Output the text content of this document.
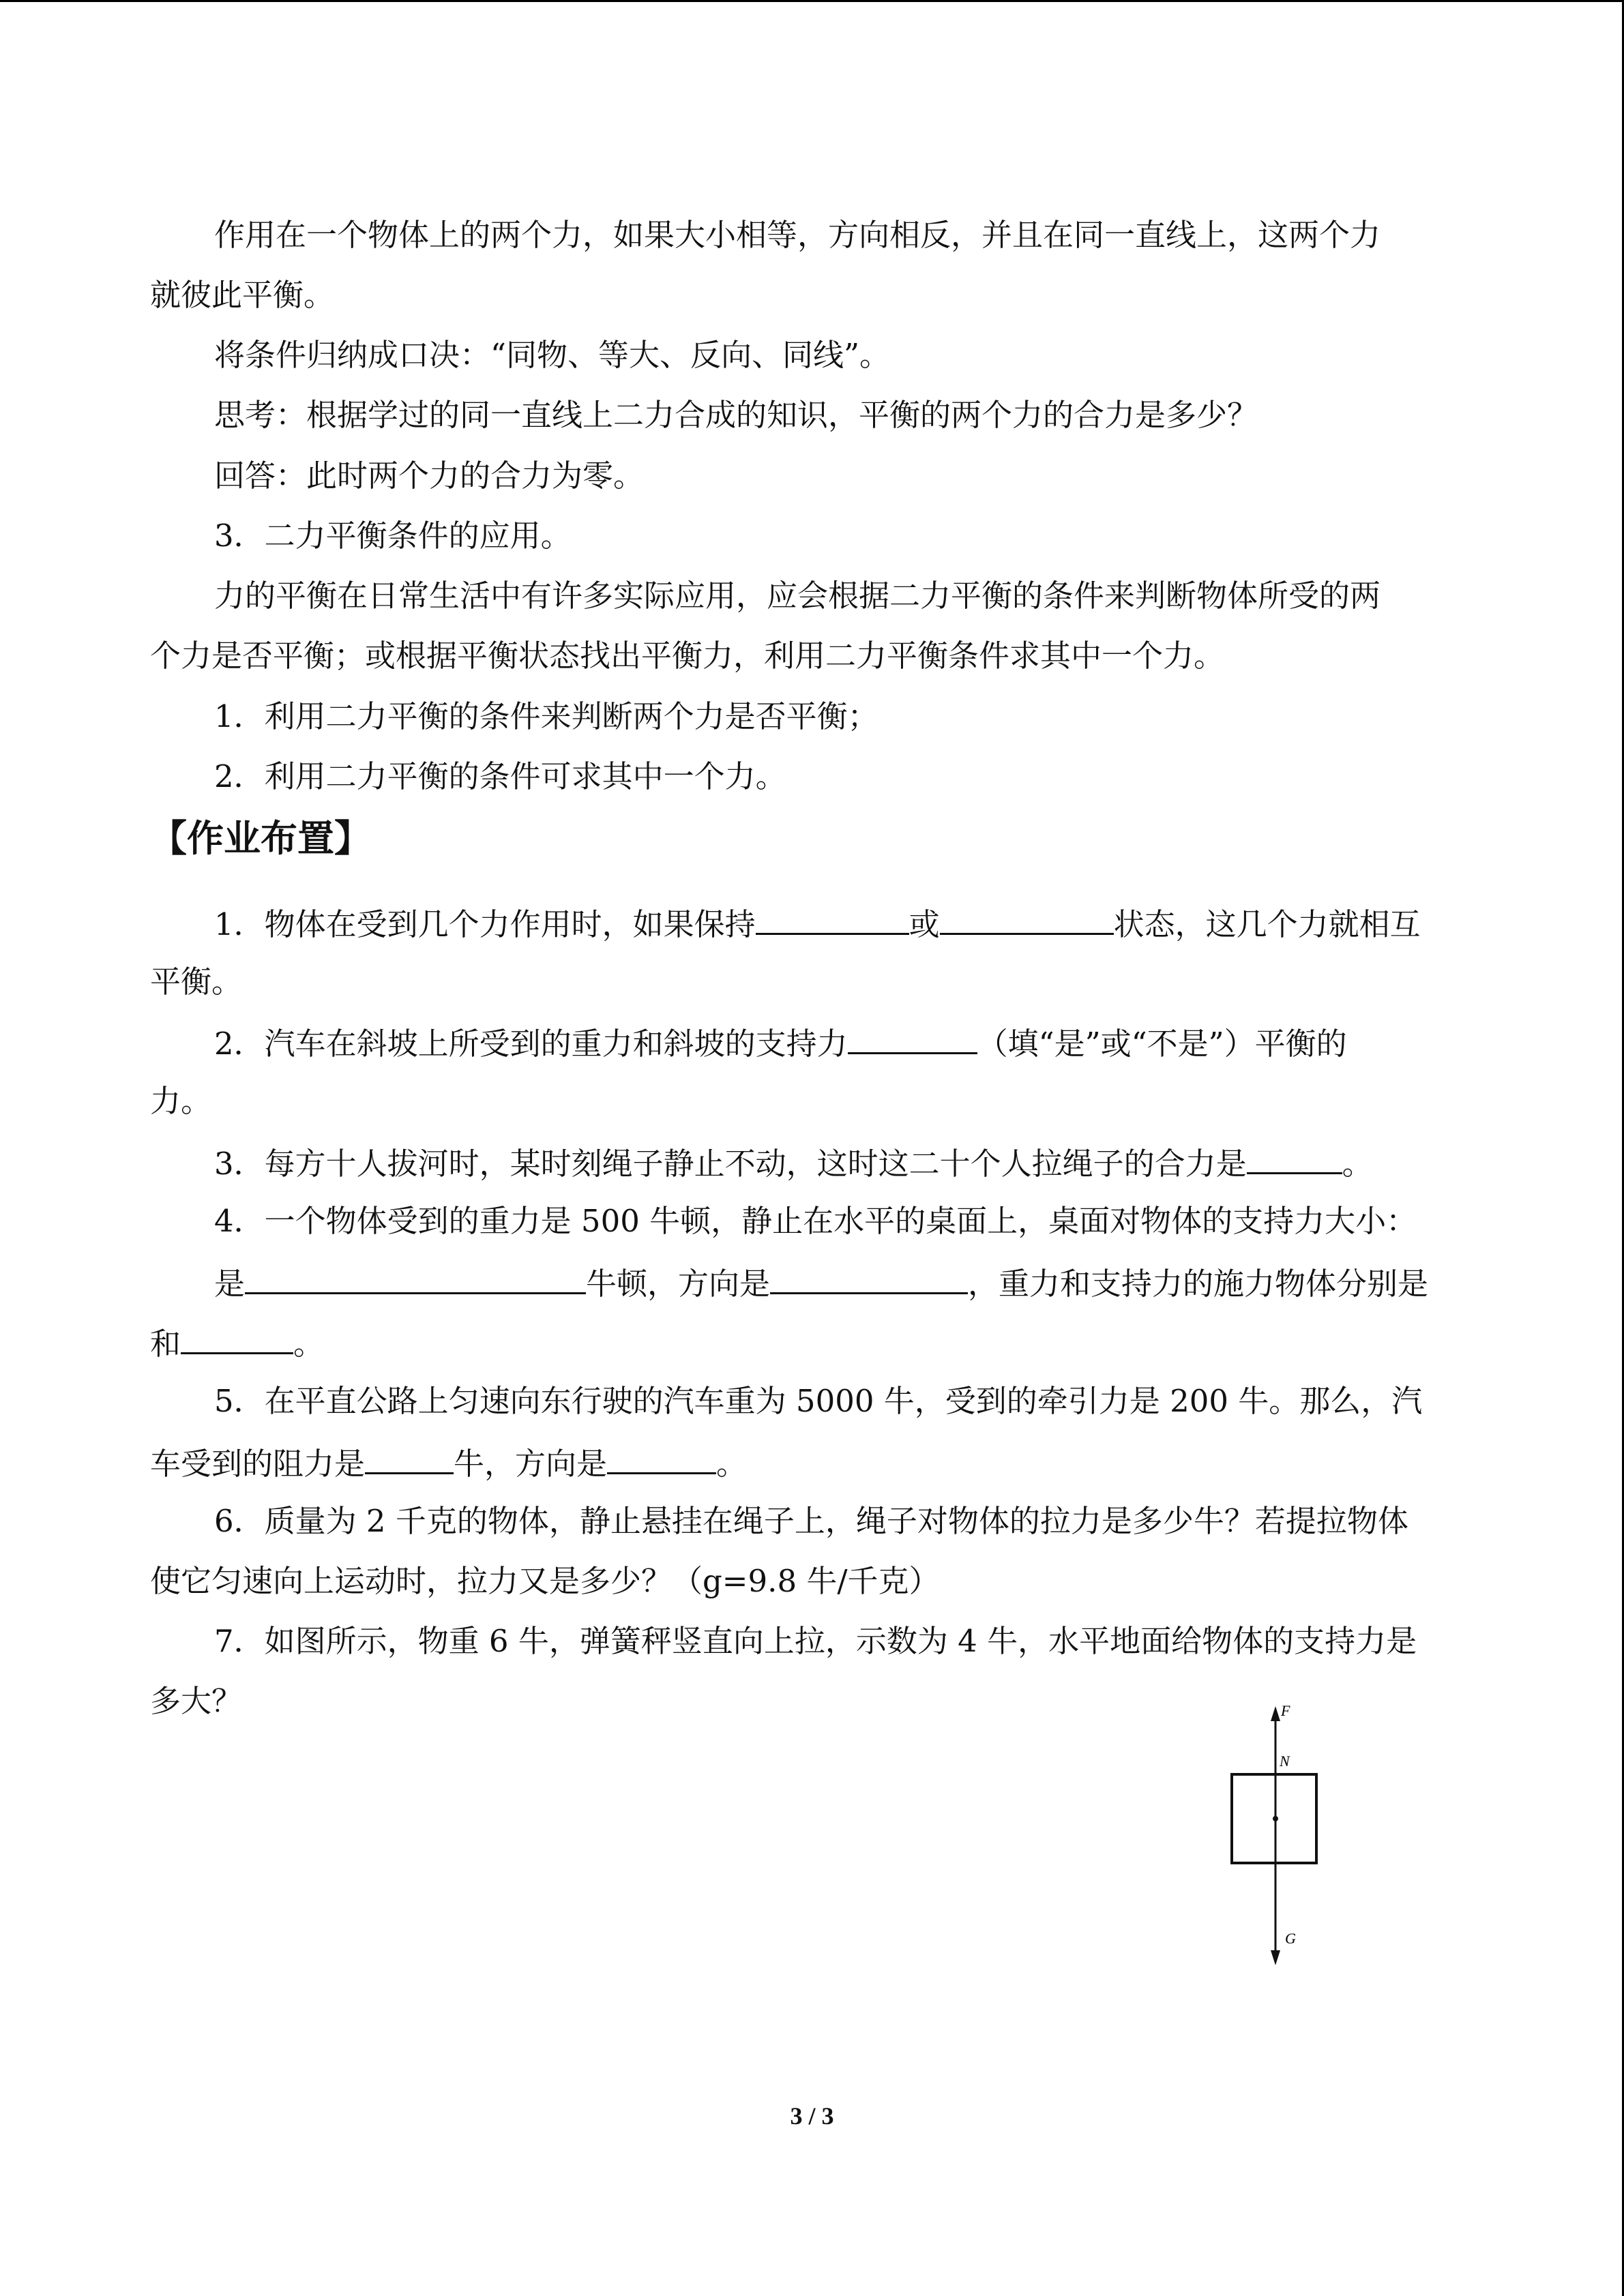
作用在一个物体上的两个力，如果大小相等，方向相反，并且在同一直线上，这两个力
就彼此平衡。
将条件归纳成口决：“同物、等大、反向、同线”。
思考：根据学过的同一直线上二力合成的知识，平衡的两个力的合力是多少？
回答：此时两个力的合力为零。
3．二力平衡条件的应用。
力的平衡在日常生活中有许多实际应用，应会根据二力平衡的条件来判断物体所受的两
个力是否平衡；或根据平衡状态找出平衡力，利用二力平衡条件求其中一个力。
1．利用二力平衡的条件来判断两个力是否平衡；
2．利用二力平衡的条件可求其中一个力。
【作业布置】
1．物体在受到几个力作用时，如果保持	或	状态，这几个力就相互
平衡。
2．汽车在斜坡上所受到的重力和斜坡的支持力	（填“是”或“不是”）平衡的
力。
3．每方十人拔河时，某时刻绳子静止不动，这时这二十个人拉绳子的合力是	。
4．一个物体受到的重力是 500 牛顿，静止在水平的桌面上，桌面对物体的支持力大小：
是	牛顿，方向是	，重力和支持力的施力物体分别是
和	。
5．在平直公路上匀速向东行驶的汽车重为 5000 牛，受到的牵引力是 200 牛。那么，汽
车受到的阻力是	牛，方向是	。
6．质量为 2 千克的物体，静止悬挂在绳子上，绳子对物体的拉力是多少牛？若提拉物体
使它匀速向上运动时，拉力又是多少？（g=9.8 牛/千克）
7．如图所示，物重 6 牛，弹簧秤竖直向上拉，示数为 4 牛，水平地面给物体的支持力是
多大？	F
N
G
3 / 3
